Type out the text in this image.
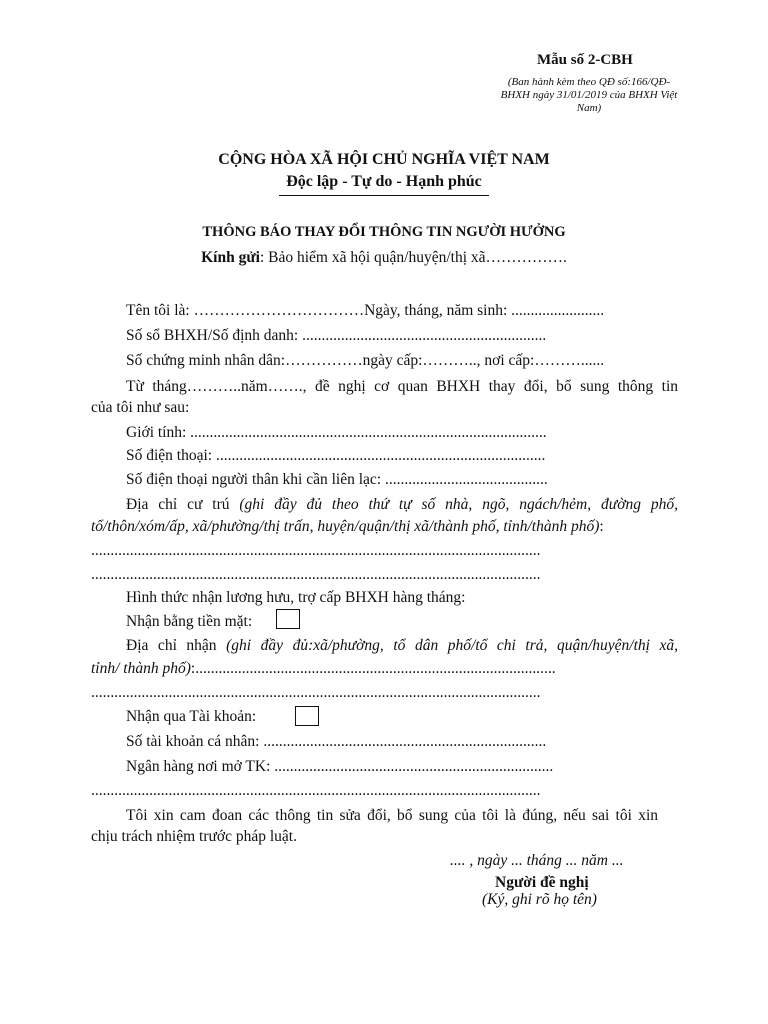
Mẫu số 2-CBH
(Ban hành kèm theo QĐ số:166/QĐ-BHXH ngày 31/01/2019 của BHXH Việt Nam)
CỘNG HÒA XÃ HỘI CHỦ NGHĨA VIỆT NAM
Độc lập - Tự do - Hạnh phúc
THÔNG BÁO THAY ĐỔI THÔNG TIN NGƯỜI HƯỞNG
Kính gửi: Bảo hiểm xã hội quận/huyện/thị xã…………….
Tên tôi là: ……………………………Ngày, tháng, năm sinh: ........................
Số sổ BHXH/Số định danh: ...............................................................
Số chứng minh nhân dân:……………ngày cấp:……….., nơi cấp:………......
Từ tháng………..năm……., đề nghị cơ quan BHXH thay đổi, bổ sung thông tin
của tôi như sau:
Giới tính: ............................................................................................
Số điện thoại: .....................................................................................
Số điện thoại người thân khi cần liên lạc: ..........................................
Địa chỉ cư trú (ghi đầy đủ theo thứ tự số nhà, ngõ, ngách/hẻm, đường phố,
tổ/thôn/xóm/ấp, xã/phường/thị trấn, huyện/quận/thị xã/thành phố, tỉnh/thành phố):
....................................................................................................................
....................................................................................................................
Hình thức nhận lương hưu, trợ cấp BHXH hàng tháng:
Nhận bằng tiền mặt:
Địa chỉ nhận (ghi đầy đủ:xã/phường, tổ dân phố/tổ chi trả, quận/huyện/thị xã,
tỉnh/ thành phố):.............................................................................................
....................................................................................................................
Nhận qua Tài khoản:
Số tài khoản cá nhân: .........................................................................
Ngân hàng nơi mở TK: ........................................................................
....................................................................................................................
Tôi xin cam đoan các thông tin sửa đổi, bổ sung của tôi là đúng, nếu sai tôi xin
chịu trách nhiệm trước pháp luật.
.... , ngày ... tháng ... năm ...
Người đề nghị
(Ký, ghi rõ họ tên)
